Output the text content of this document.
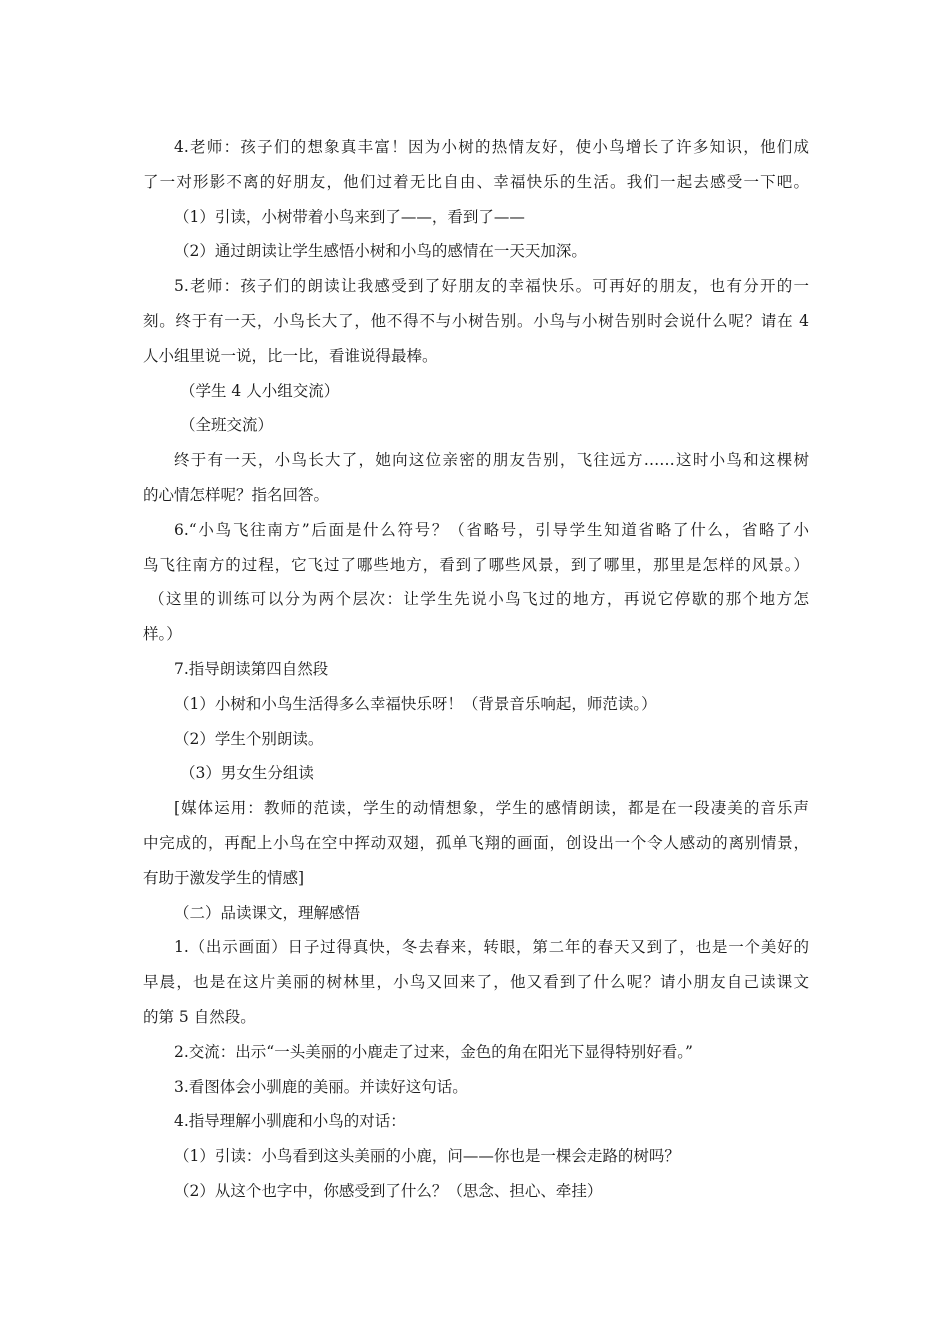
4.老师：孩子们的想象真丰富！因为小树的热情友好，使小鸟增长了许多知识，他们成
了一对形影不离的好朋友，他们过着无比自由、幸福快乐的生活。我们一起去感受一下吧。
（1）引读，小树带着小鸟来到了——，看到了——
（2）通过朗读让学生感悟小树和小鸟的感情在一天天加深。
5.老师：孩子们的朗读让我感受到了好朋友的幸福快乐。可再好的朋友，也有分开的一
刻。终于有一天，小鸟长大了，他不得不与小树告别。小鸟与小树告别时会说什么呢？请在 4
人小组里说一说，比一比，看谁说得最棒。
（学生 4 人小组交流）
（全班交流）
终于有一天，小鸟长大了，她向这位亲密的朋友告别，飞往远方……这时小鸟和这棵树
的心情怎样呢？指名回答。
6.“小鸟飞往南方”后面是什么符号？（省略号，引导学生知道省略了什么，省略了小
鸟飞往南方的过程，它飞过了哪些地方，看到了哪些风景，到了哪里，那里是怎样的风景。）
（这里的训练可以分为两个层次：让学生先说小鸟飞过的地方，再说它停歇的那个地方怎
样。）
7.指导朗读第四自然段
（1）小树和小鸟生活得多么幸福快乐呀！（背景音乐响起，师范读。）
（2）学生个别朗读。
（3）男女生分组读
[媒体运用：教师的范读，学生的动情想象，学生的感情朗读，都是在一段凄美的音乐声
中完成的，再配上小鸟在空中挥动双翅，孤单飞翔的画面，创设出一个令人感动的离别情景，
有助于激发学生的情感]
（二）品读课文，理解感悟
1.（出示画面）日子过得真快，冬去春来，转眼，第二年的春天又到了，也是一个美好的
早晨，也是在这片美丽的树林里，小鸟又回来了，他又看到了什么呢？请小朋友自己读课文
的第 5 自然段。
2.交流：出示“一头美丽的小鹿走了过来，金色的角在阳光下显得特别好看。”
3.看图体会小驯鹿的美丽。并读好这句话。
4.指导理解小驯鹿和小鸟的对话：
（1）引读：小鸟看到这头美丽的小鹿，问——你也是一棵会走路的树吗？
（2）从这个也字中，你感受到了什么？（思念、担心、牵挂）
